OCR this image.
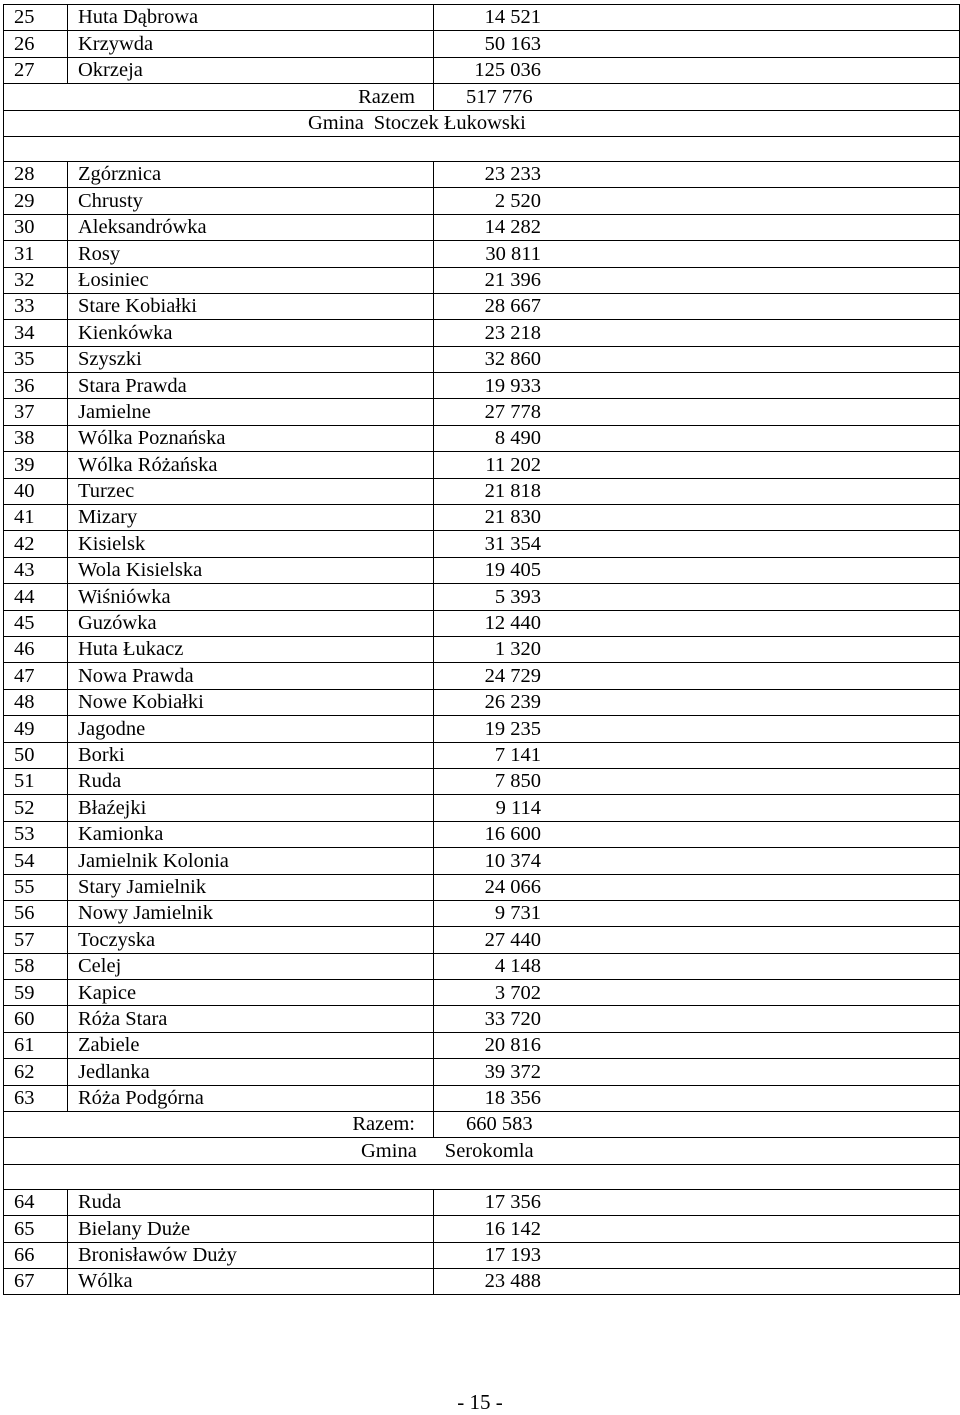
25	Huta Dąbrowa	14 521
26	Krzywda	50 163
27	Okrzeja	125 036
Razem		517 776
Gmina Stoczek Łukowski		

28	Zgórznica	23 233
29	Chrusty	2 520
30	Aleksandrówka	14 282
31	Rosy	30 811
32	Łosiniec	21 396
33	Stare Kobiałki	28 667
34	Kienkówka	23 218
35	Szyszki	32 860
36	Stara Prawda	19 933
37	Jamielne	27 778
38	Wólka Poznańska	8 490
39	Wólka Różańska	11 202
40	Turzec	21 818
41	Mizary	21 830
42	Kisielsk	31 354
43	Wola Kisielska	19 405
44	Wiśniówka	5 393
45	Guzówka	12 440
46	Huta Łukacz	1 320
47	Nowa Prawda	24 729
48	Nowe Kobiałki	26 239
49	Jagodne	19 235
50	Borki	7 141
51	Ruda	7 850
52	Błaźejki	9 114
53	Kamionka	16 600
54	Jamielnik Kolonia	10 374
55	Stary Jamielnik	24 066
56	Nowy Jamielnik	9 731
57	Toczyska	27 440
58	Celej	4 148
59	Kapice	3 702
60	Róża Stara	33 720
61	Zabiele	20 816
62	Jedlanka	39 372
63	Róża Podgórna	18 356
Razem:		660 583
Gmina Serokomla		

64	Ruda	17 356
65	Bielany Duże	16 142
66	Bronisławów Duży	17 193
67	Wólka	23 488
- 15 -
